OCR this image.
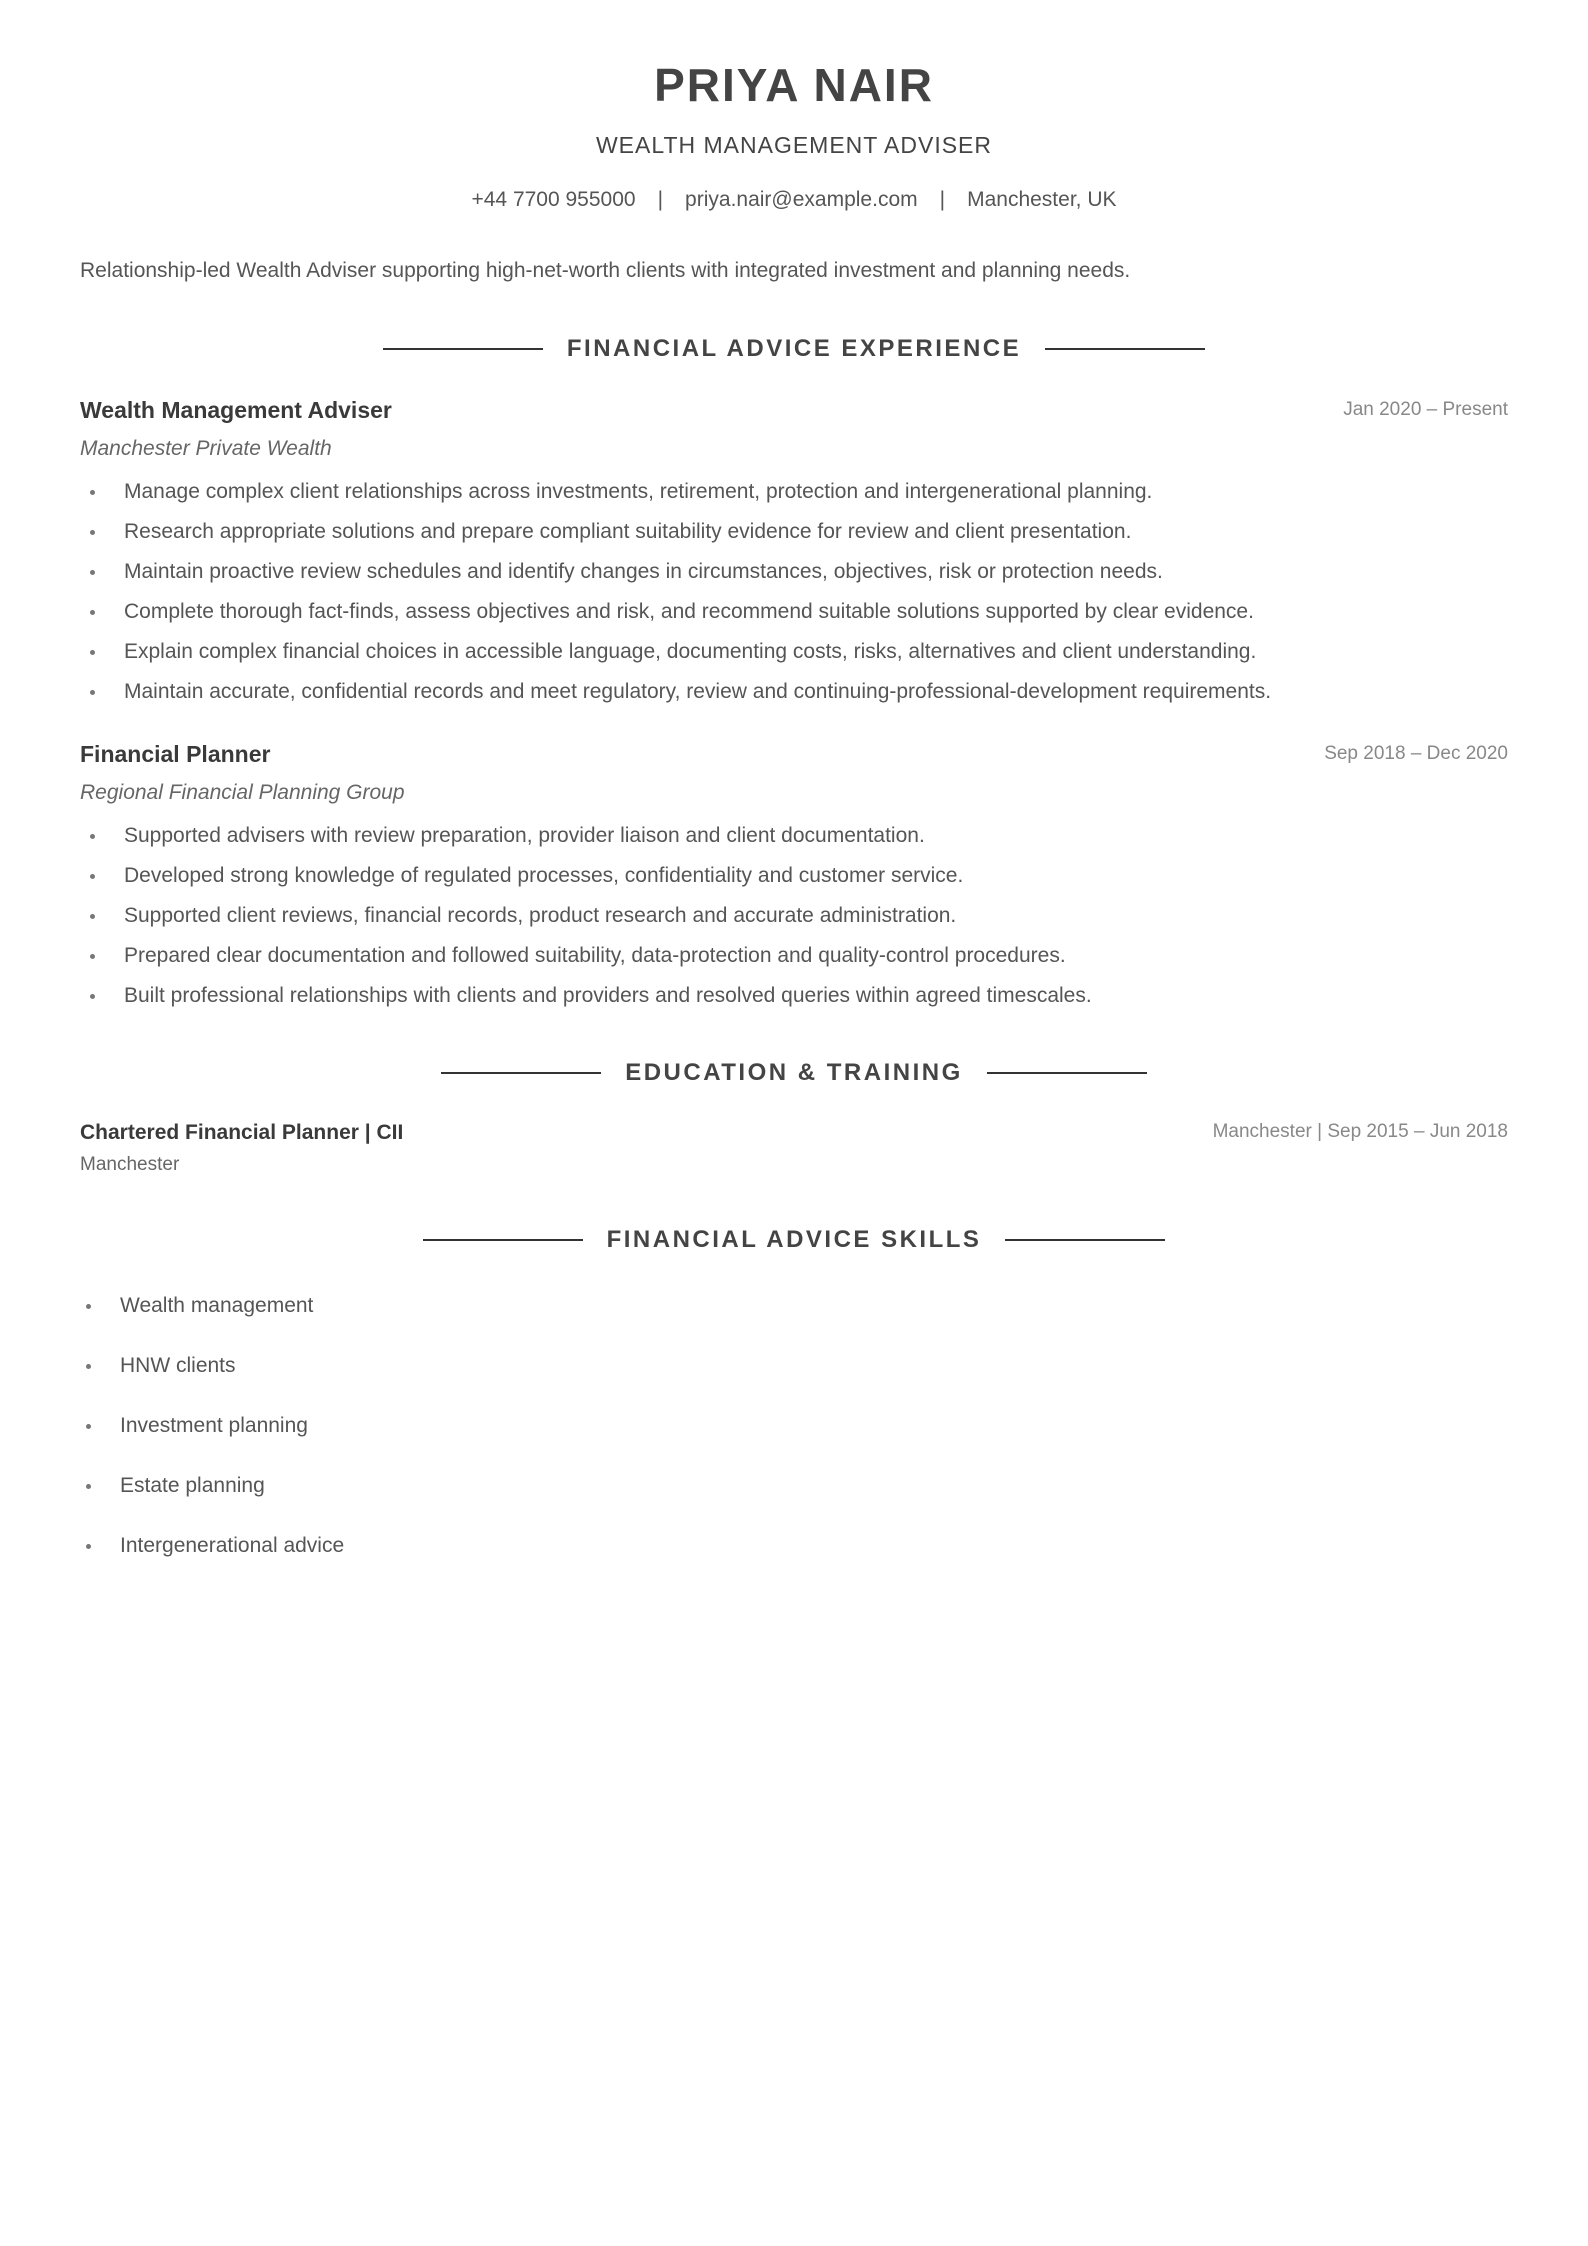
PRIYA NAIR
WEALTH MANAGEMENT ADVISER
+44 7700 955000 | priya.nair@example.com | Manchester, UK
Relationship-led Wealth Adviser supporting high-net-worth clients with integrated investment and planning needs.
FINANCIAL ADVICE EXPERIENCE
Wealth Management Adviser	Jan 2020 – Present
Manchester Private Wealth
Manage complex client relationships across investments, retirement, protection and intergenerational planning.
Research appropriate solutions and prepare compliant suitability evidence for review and client presentation.
Maintain proactive review schedules and identify changes in circumstances, objectives, risk or protection needs.
Complete thorough fact-finds, assess objectives and risk, and recommend suitable solutions supported by clear evidence.
Explain complex financial choices in accessible language, documenting costs, risks, alternatives and client understanding.
Maintain accurate, confidential records and meet regulatory, review and continuing-professional-development requirements.
Financial Planner	Sep 2018 – Dec 2020
Regional Financial Planning Group
Supported advisers with review preparation, provider liaison and client documentation.
Developed strong knowledge of regulated processes, confidentiality and customer service.
Supported client reviews, financial records, product research and accurate administration.
Prepared clear documentation and followed suitability, data-protection and quality-control procedures.
Built professional relationships with clients and providers and resolved queries within agreed timescales.
EDUCATION & TRAINING
Chartered Financial Planner | CII	Manchester | Sep 2015 – Jun 2018
Manchester
FINANCIAL ADVICE SKILLS
Wealth management
HNW clients
Investment planning
Estate planning
Intergenerational advice
